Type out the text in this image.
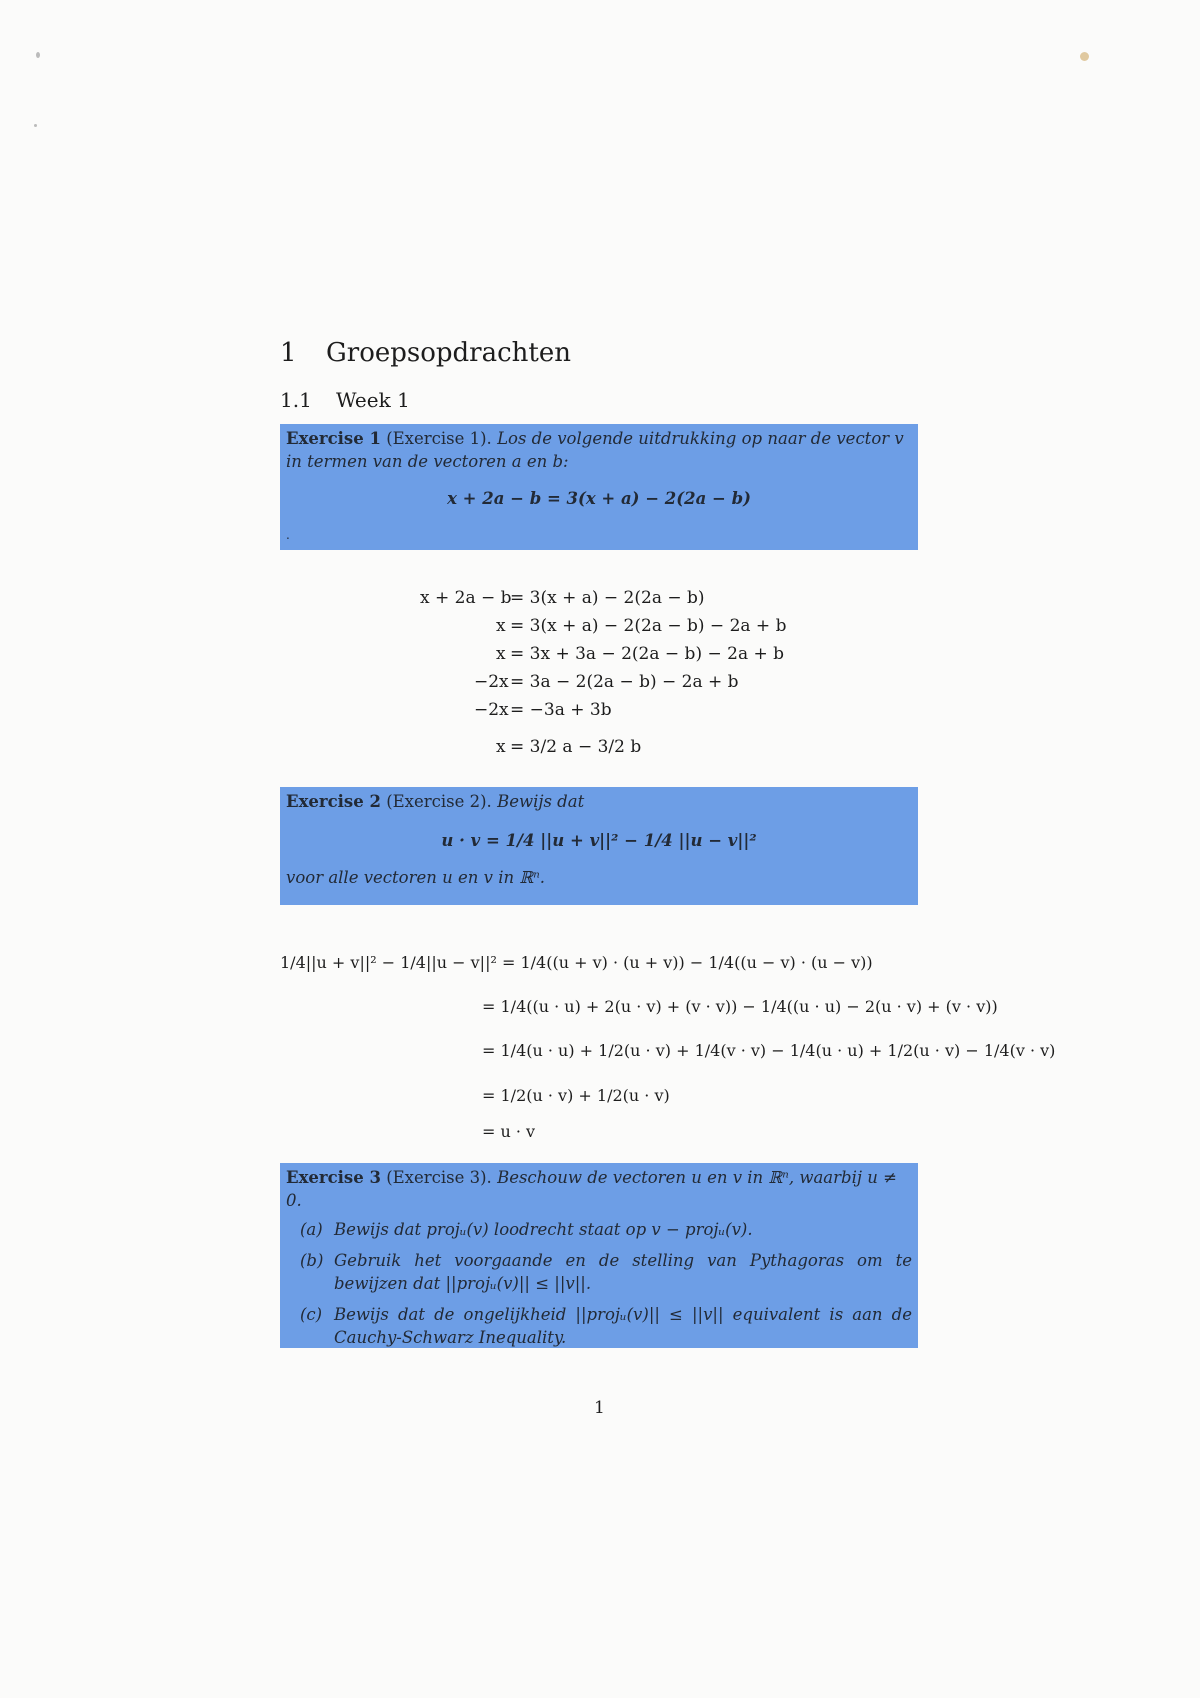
1 Groepsopdrachten
1.1 Week 1
Exercise 1 (Exercise 1). Los de volgende uitdrukking op naar de vector v in termen van de vectoren a en b:
x + 2a − b = 3(x + a) − 2(2a − b)
.
x + 2a − b
x
x
−2x
−2x
x
= 3(x + a) − 2(2a − b)
= 3(x + a) − 2(2a − b) − 2a + b
= 3x + 3a − 2(2a − b) − 2a + b
= 3a − 2(2a − b) − 2a + b
= −3a + 3b
= 3/2 a − 3/2 b
Exercise 2 (Exercise 2). Bewijs dat
u · v = 1/4 ||u + v||² − 1/4 ||u − v||²
voor alle vectoren u en v in ℝⁿ.
1/4||u + v||² − 1/4||u − v||² = 1/4((u + v) · (u + v)) − 1/4((u − v) · (u − v))
= 1/4((u · u) + 2(u · v) + (v · v)) − 1/4((u · u) − 2(u · v) + (v · v))
= 1/4(u · u) + 1/2(u · v) + 1/4(v · v) − 1/4(u · u) + 1/2(u · v) − 1/4(v · v)
= 1/2(u · v) + 1/2(u · v)
= u · v
Exercise 3 (Exercise 3). Beschouw de vectoren u en v in ℝⁿ, waarbij u ≠ 0.
(a) Bewijs dat projᵤ(v) loodrecht staat op v − projᵤ(v).
(b) Gebruik het voorgaande en de stelling van Pythagoras om te bewijzen dat ||projᵤ(v)|| ≤ ||v||.
(c) Bewijs dat de ongelijkheid ||projᵤ(v)|| ≤ ||v|| equivalent is aan de Cauchy-Schwarz Inequality.
1
